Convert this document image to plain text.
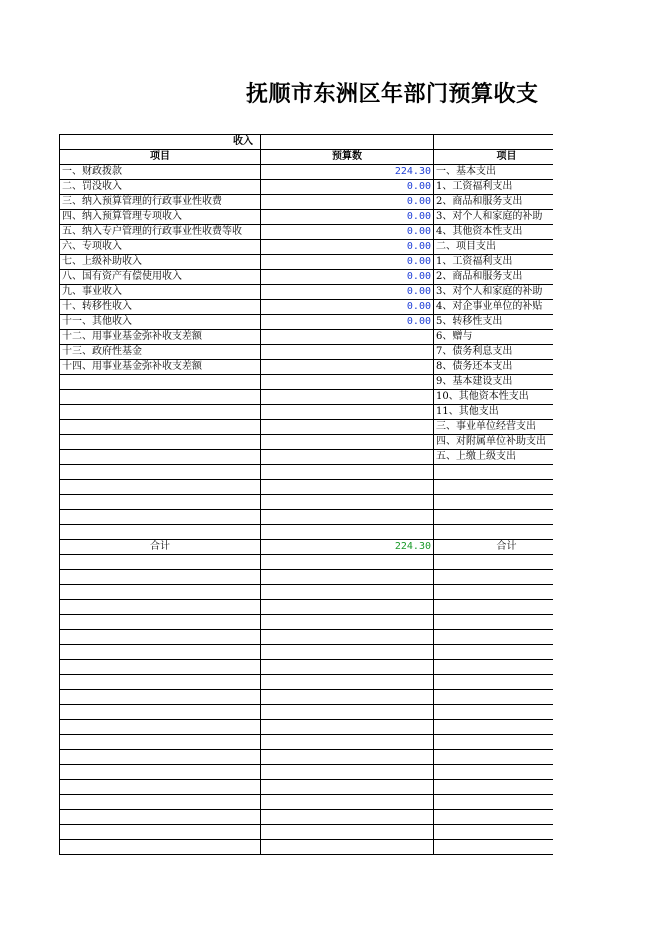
抚顺市东洲区年部门预算收支
	收入	
项目	预算数	项目
一、财政拨款	224.30	一、基本支出
二、罚没收入	0.00	1、工资福利支出
三、纳入预算管理的行政事业性收费	0.00	2、商品和服务支出
四、纳入预算管理专项收入	0.00	3、对个人和家庭的补助
五、纳入专户管理的行政事业性收费等收	0.00	4、其他资本性支出
六、专项收入	0.00	二、项目支出
七、上级补助收入	0.00	1、工资福利支出
八、国有资产有偿使用收入	0.00	2、商品和服务支出
九、事业收入	0.00	3、对个人和家庭的补助
十、转移性收入	0.00	4、对企事业单位的补贴
十一、其他收入	0.00	5、转移性支出
十二、用事业基金弥补收支差额		6、赠与
十三、政府性基金		7、债务利息支出
十四、用事业基金弥补收支差额		8、债务还本支出
		9、基本建设支出
		10、其他资本性支出
		11、其他支出
		三、事业单位经营支出
		四、对附属单位补助支出
		五、上缴上级支出

合计	224.30	合计
